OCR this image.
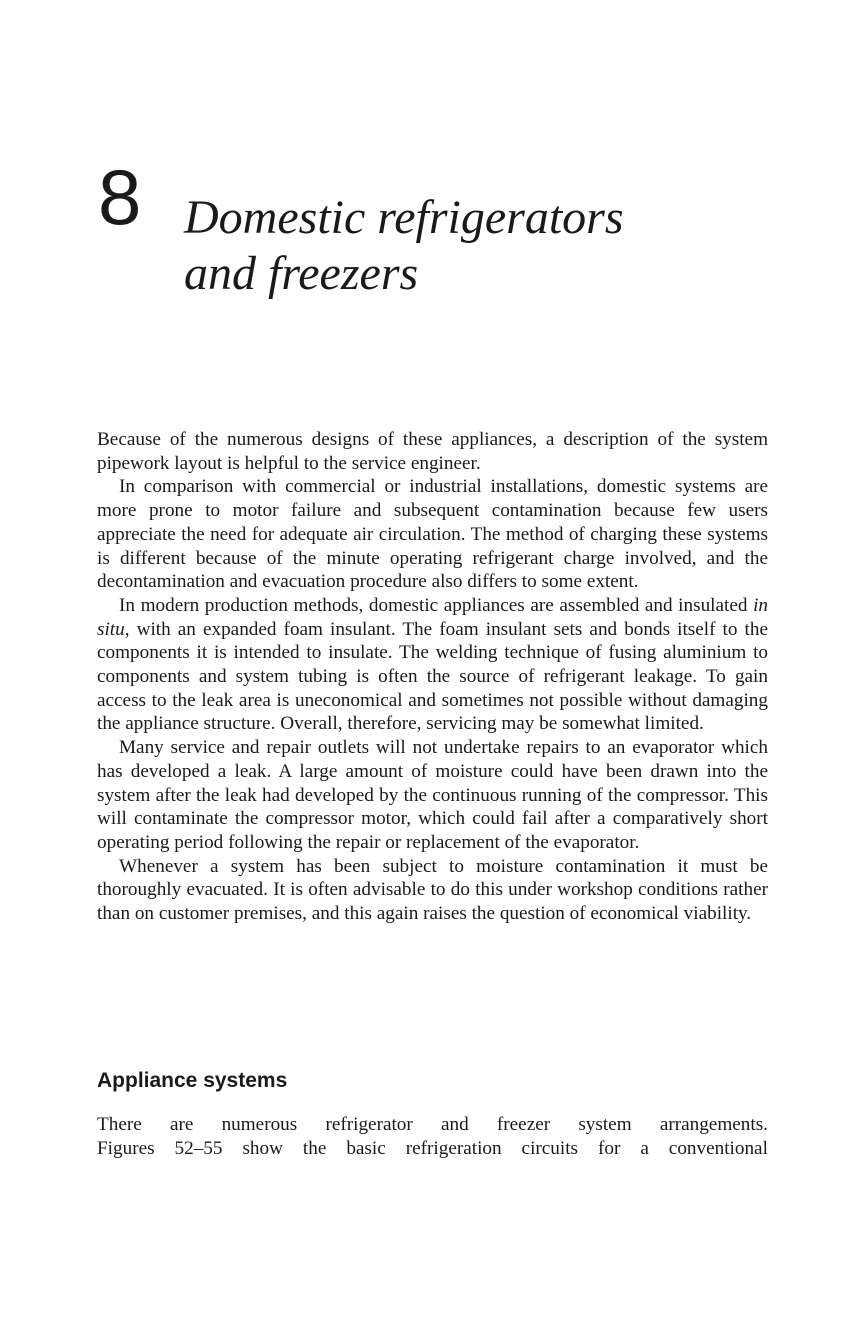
8 Domestic refrigerators
and freezers

Because of the numerous designs of these appliances, a description of the system pipework layout is helpful to the service engineer.

In comparison with commercial or industrial installations, domestic systems are more prone to motor failure and subsequent contamination because few users appreciate the need for adequate air circulation. The method of charging these systems is different because of the minute operating refrigerant charge involved, and the decontamination and evacuation procedure also differs to some extent.

In modern production methods, domestic appliances are assembled and insulated in situ, with an expanded foam insulant. The foam insulant sets and bonds itself to the components it is intended to insulate. The welding technique of fusing aluminium to components and system tubing is often the source of refrigerant leakage. To gain access to the leak area is uneconomical and sometimes not possible without damaging the appliance structure. Overall, therefore, servicing may be somewhat limited.

Many service and repair outlets will not undertake repairs to an evaporator which has developed a leak. A large amount of moisture could have been drawn into the system after the leak had developed by the continuous running of the compressor. This will contaminate the compressor motor, which could fail after a comparatively short operating period following the repair or replacement of the evaporator.

Whenever a system has been subject to moisture contamination it must be thoroughly evacuated. It is often advisable to do this under workshop conditions rather than on customer premises, and this again raises the question of economical viability.

Appliance systems
There are numerous refrigerator and freezer system arrangements.
Figures 52–55 show the basic refrigeration circuits for a conventional
